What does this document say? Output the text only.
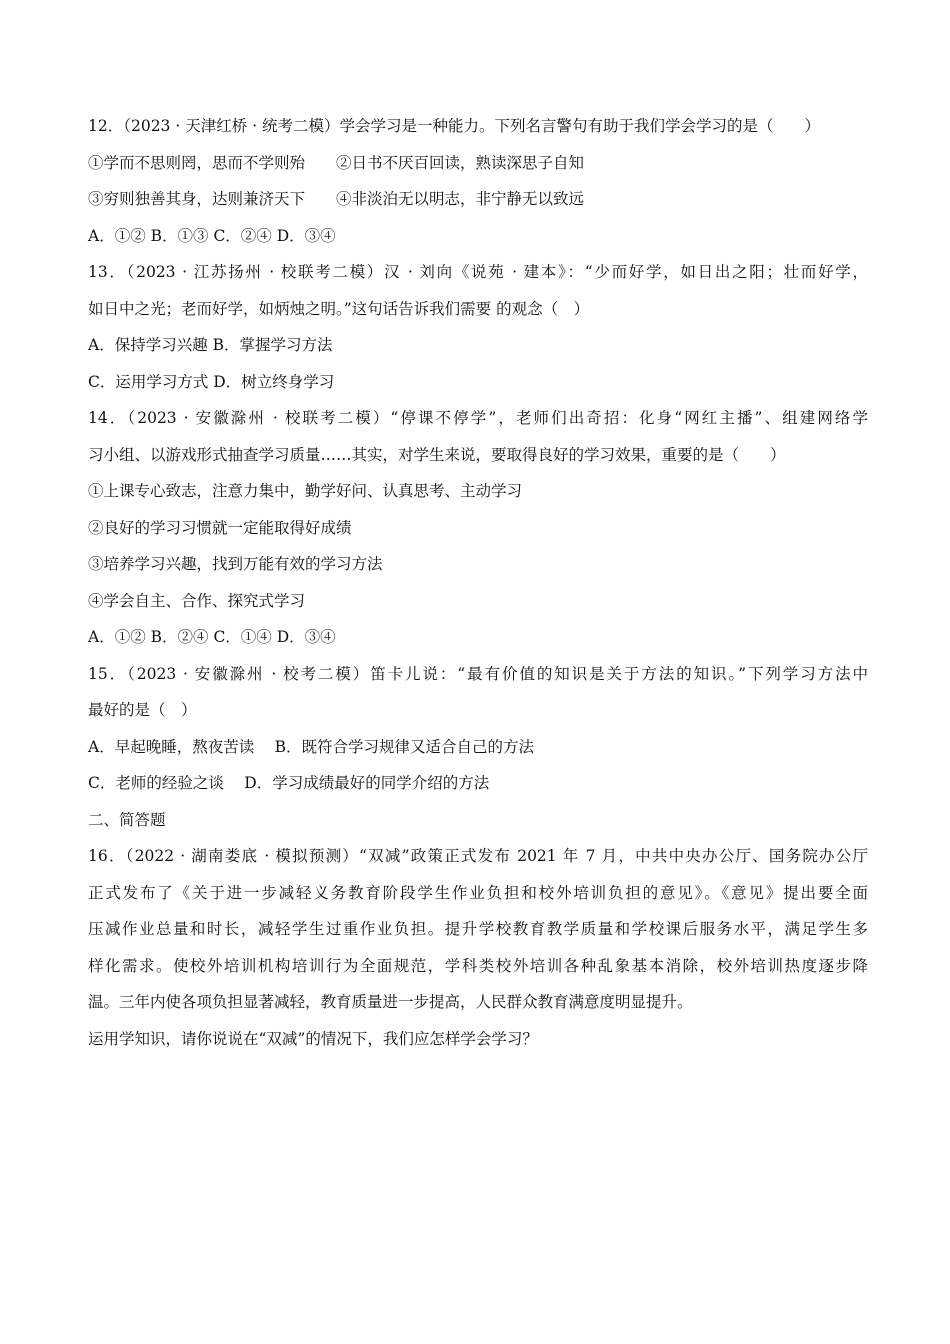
12．（2023 · 天津红桥 · 统考二模）学会学习是一种能力。下列名言警句有助于我们学会学习的是（　　）
①学而不思则罔，思而不学则殆　　②日书不厌百回读，熟读深思子自知
③穷则独善其身，达则兼济天下　　④非淡泊无以明志，非宁静无以致远
A．①② B．①③ C．②④ D．③④
13．（2023 · 江苏扬州 · 校联考二模）汉 · 刘向《说苑 · 建本》：“少而好学，如日出之阳；壮而好学，
如日中之光；老而好学，如炳烛之明。”这句话告诉我们需要 的观念（　）
A．保持学习兴趣 B．掌握学习方法
C．运用学习方式 D．树立终身学习
14．（2023 · 安徽滁州 · 校联考二模）“停课不停学”，老师们出奇招：化身“网红主播”、组建网络学
习小组、以游戏形式抽查学习质量……其实，对学生来说，要取得良好的学习效果，重要的是（　　）
①上课专心致志，注意力集中，勤学好问、认真思考、主动学习
②良好的学习习惯就一定能取得好成绩
③培养学习兴趣，找到万能有效的学习方法
④学会自主、合作、探究式学习
A．①② B．②④ C．①④ D．③④
15．（2023 · 安徽滁州 · 校考二模）笛卡儿说：“最有价值的知识是关于方法的知识。”下列学习方法中
最好的是（　）
A．早起晚睡，熬夜苦读　 B．既符合学习规律又适合自己的方法
C．老师的经验之谈　 D．学习成绩最好的同学介绍的方法
二、简答题
16．（2022 · 湖南娄底 · 模拟预测）“双减”政策正式发布 2021 年 7 月，中共中央办公厅、国务院办公厅
正式发布了《关于进一步减轻义务教育阶段学生作业负担和校外培训负担的意见》。《意见》提出要全面
压减作业总量和时长，减轻学生过重作业负担。提升学校教育教学质量和学校课后服务水平，满足学生多
样化需求。使校外培训机构培训行为全面规范，学科类校外培训各种乱象基本消除，校外培训热度逐步降
温。三年内使各项负担显著减轻，教育质量进一步提高，人民群众教育满意度明显提升。
运用学知识，请你说说在“双减”的情况下，我们应怎样学会学习？
